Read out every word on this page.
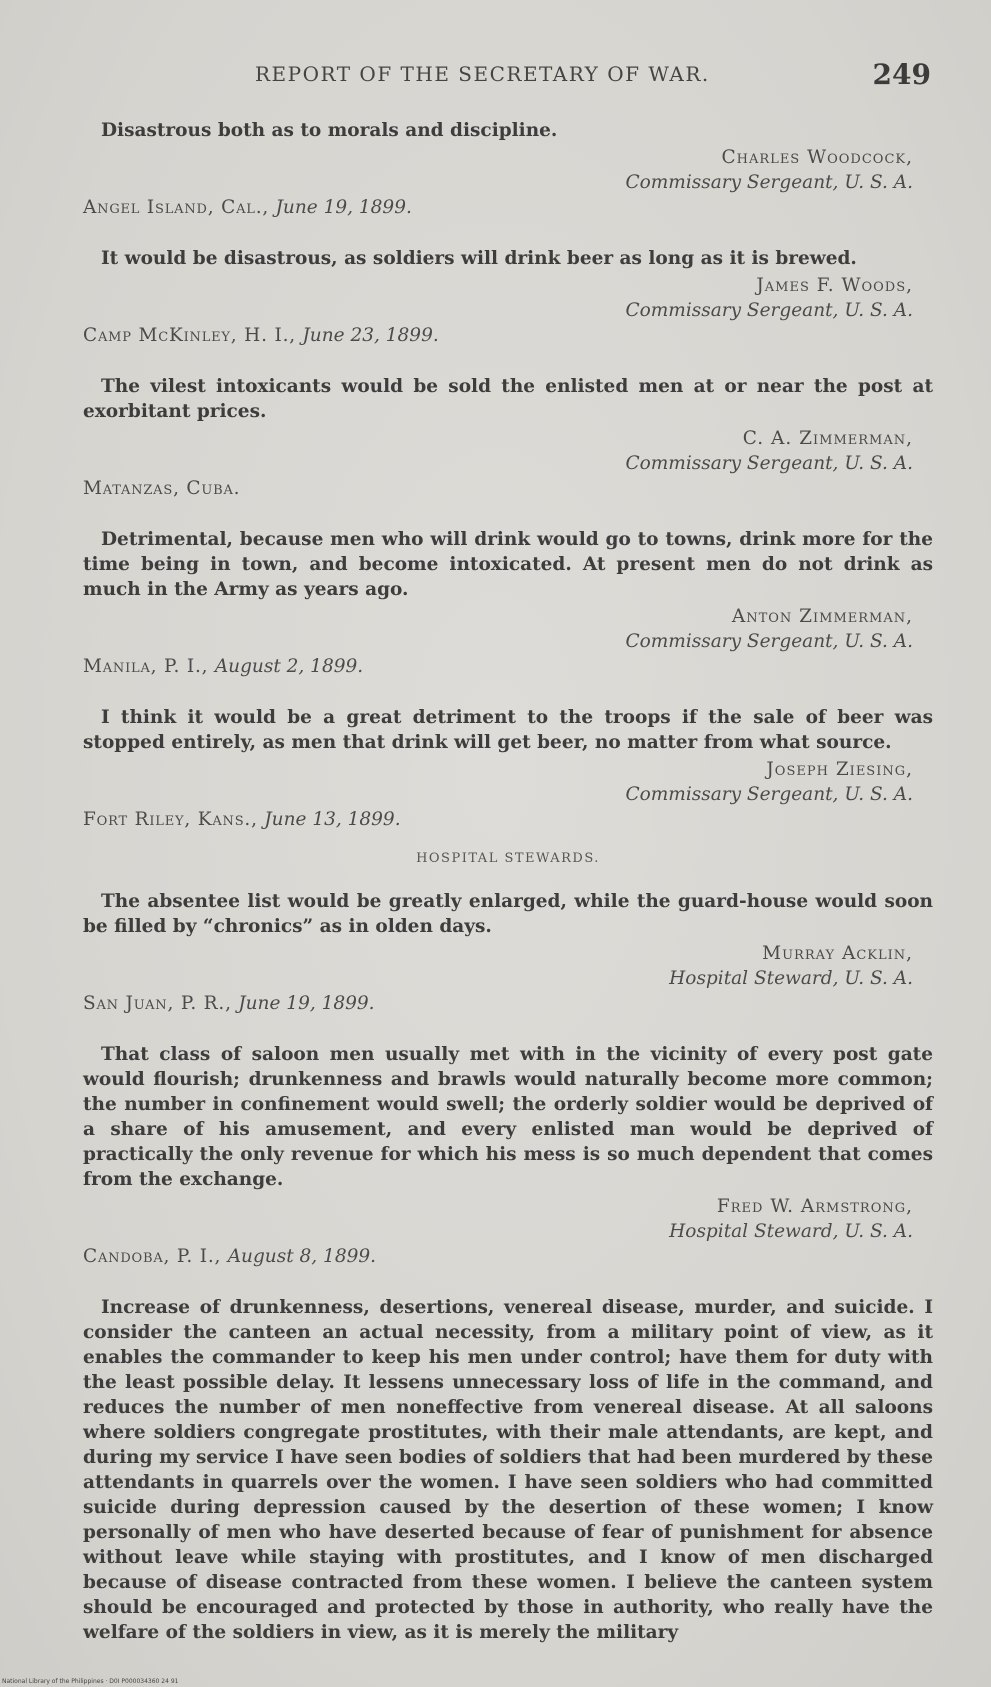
REPORT OF THE SECRETARY OF WAR.	249

Disastrous both as to morals and discipline.

Charles Woodcock,
Commissary Sergeant, U. S. A.
Angel Island, Cal., June 19, 1899.

It would be disastrous, as soldiers will drink beer as long as it is brewed.

James F. Woods,
Commissary Sergeant, U. S. A.
Camp McKinley, H. I., June 23, 1899.

The vilest intoxicants would be sold the enlisted men at or near the post at exorbitant prices.

C. A. Zimmerman,
Commissary Sergeant, U. S. A.
Matanzas, Cuba.

Detrimental, because men who will drink would go to towns, drink more for the time being in town, and become intoxicated. At present men do not drink as much in the Army as years ago.

Anton Zimmerman,
Commissary Sergeant, U. S. A.
Manila, P. I., August 2, 1899.

I think it would be a great detriment to the troops if the sale of beer was stopped entirely, as men that drink will get beer, no matter from what source.

Joseph Ziesing,
Commissary Sergeant, U. S. A.
Fort Riley, Kans., June 13, 1899.
HOSPITAL STEWARDS.

The absentee list would be greatly enlarged, while the guard-house would soon be filled by “chronics” as in olden days.

Murray Acklin,
Hospital Steward, U. S. A.
San Juan, P. R., June 19, 1899.

That class of saloon men usually met with in the vicinity of every post gate would flourish; drunkenness and brawls would naturally become more common; the number in confinement would swell; the orderly soldier would be deprived of a share of his amusement, and every enlisted man would be deprived of practically the only revenue for which his mess is so much dependent that comes from the exchange.

Fred W. Armstrong,
Hospital Steward, U. S. A.
Candoba, P. I., August 8, 1899.

Increase of drunkenness, desertions, venereal disease, murder, and suicide. I consider the canteen an actual necessity, from a military point of view, as it enables the commander to keep his men under control; have them for duty with the least possible delay. It lessens unnecessary loss of life in the command, and reduces the number of men noneffective from venereal disease. At all saloons where soldiers congregate prostitutes, with their male attendants, are kept, and during my service I have seen bodies of soldiers that had been murdered by these attendants in quarrels over the women. I have seen soldiers who had committed suicide during depression caused by the desertion of these women; I know personally of men who have deserted because of fear of punishment for absence without leave while staying with prostitutes, and I know of men discharged because of disease contracted from these women. I believe the canteen system should be encouraged and protected by those in authority, who really have the welfare of the soldiers in view, as it is merely the military

National Library of the Philippines · D0I P000034360 24 91
